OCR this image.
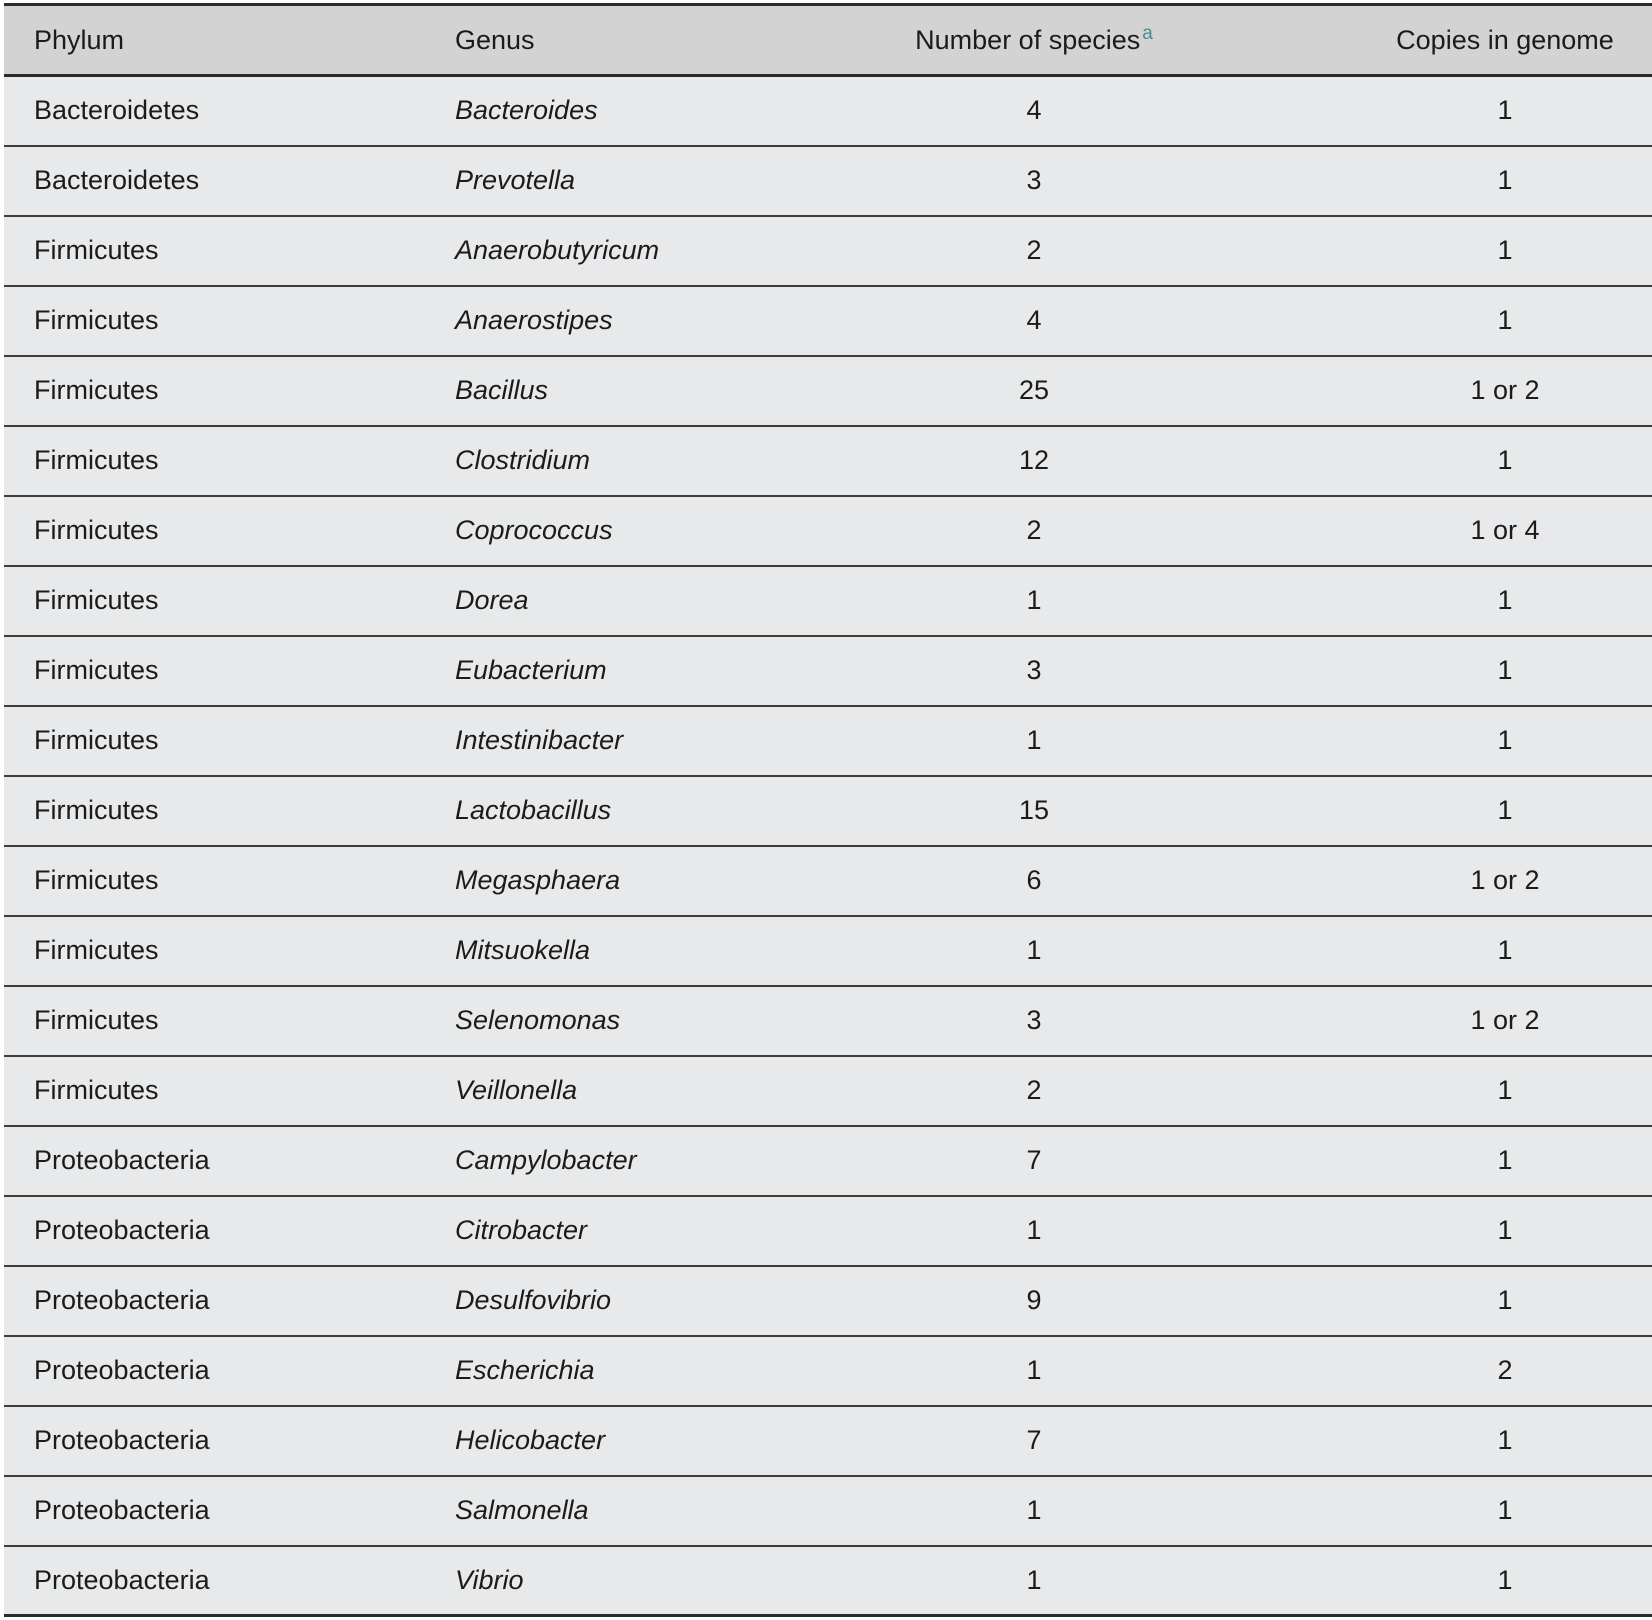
Phylum	Genus	Number of species $^a$	Copies in genome
Bacteroidetes	Bacteroides	4	1
Bacteroidetes	Prevotella	3	1
Firmicutes	Anaerobutyricum	2	1
Firmicutes	Anaerostipes	4	1
Firmicutes	Bacillus	25	1 or 2
Firmicutes	Clostridium	12	1
Firmicutes	Coprococcus	2	1 or 4
Firmicutes	Dorea	1	1
Firmicutes	Eubacterium	3	1
Firmicutes	Intestinibacter	1	1
Firmicutes	Lactobacillus	15	1
Firmicutes	Megasphaera	6	1 or 2
Firmicutes	Mitsuokella	1	1
Firmicutes	Selenomonas	3	1 or 2
Firmicutes	Veillonella	2	1
Proteobacteria	Campylobacter	7	1
Proteobacteria	Citrobacter	1	1
Proteobacteria	Desulfovibrio	9	1
Proteobacteria	Escherichia	1	2
Proteobacteria	Helicobacter	7	1
Proteobacteria	Salmonella	1	1
Proteobacteria	Vibrio	1	1
